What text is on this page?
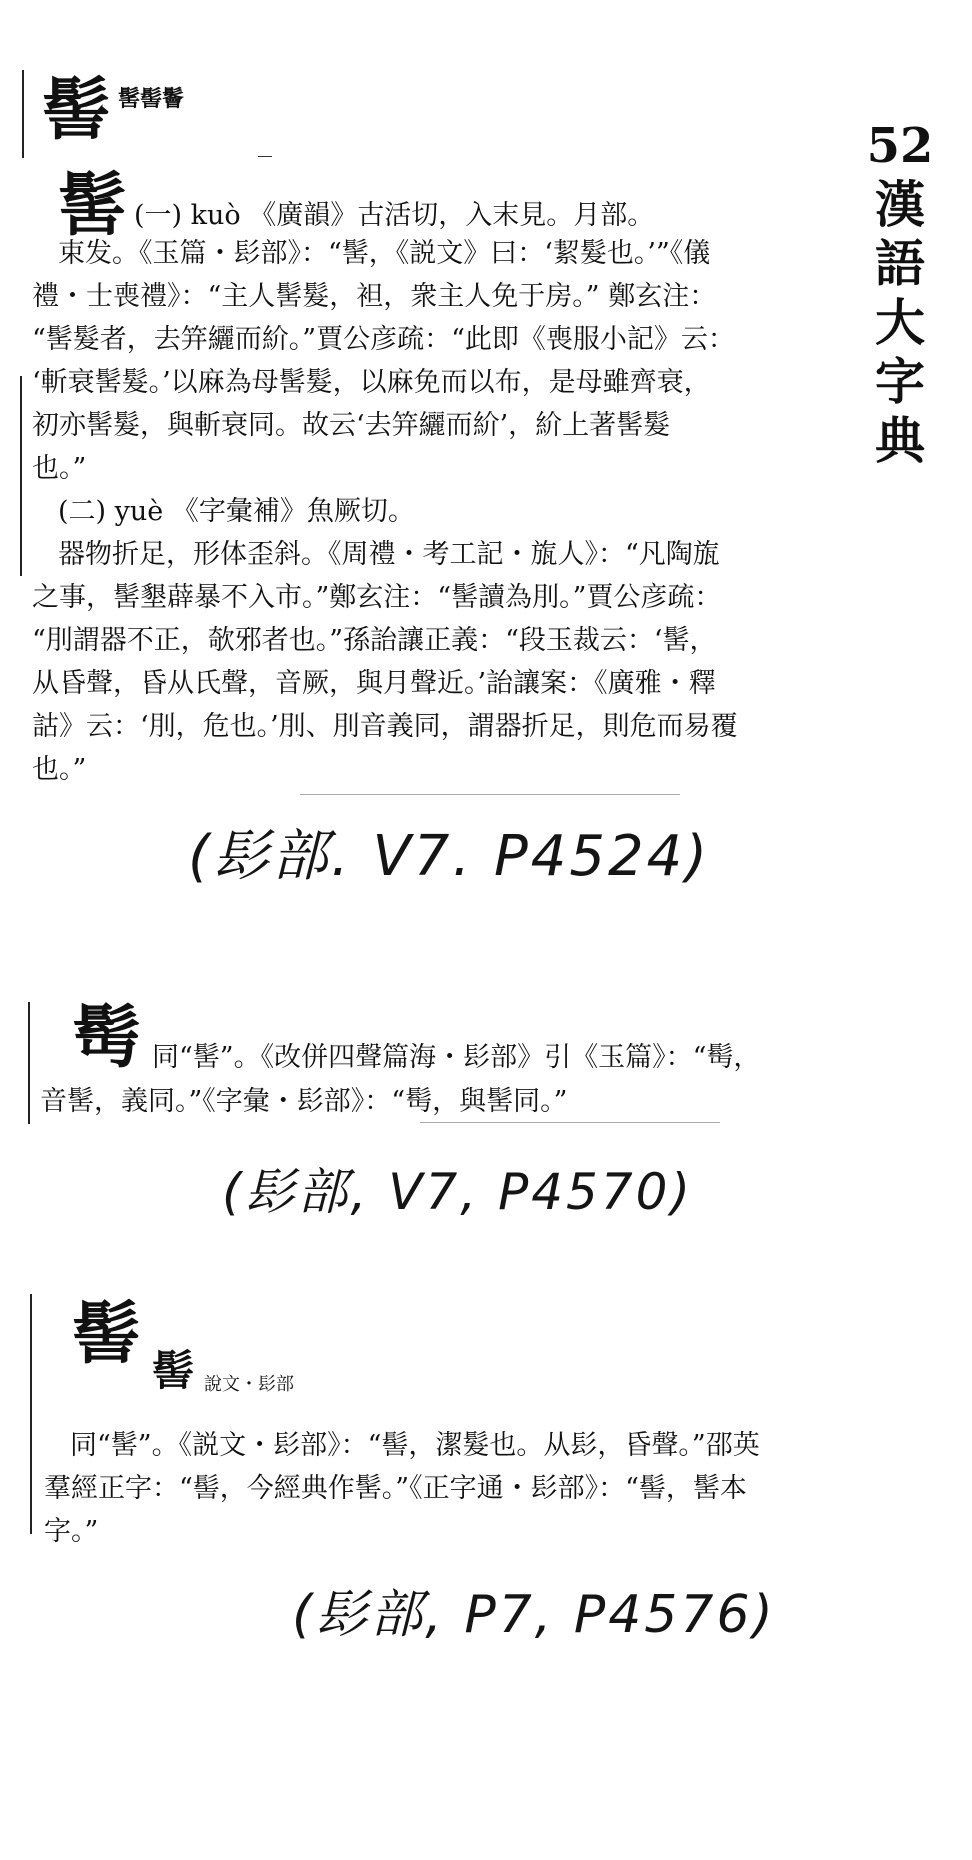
52
漢
語
大
字
典
髻 髺髻鬠
髺 (一) kuò 《廣韻》古活切，入末見。月部。
束发。《玉篇・髟部》：“髺，《説文》曰：‘絜髮也。’”《儀
禮・士喪禮》：“主人髺髮，袒，衆主人免于房。” 鄭玄注：
“髺髮者，去笄纚而紒。”賈公彦疏：“此即《喪服小記》云：
‘斬衰髺髮。’以麻為母髺髮，以麻免而以布，是母雖齊衰，
初亦髺髮，與斬衰同。故云‘去笄纚而紒’，紒上著髺髮
也。”
(二) yuè 《字彙補》魚厥切。
器物折足，形体歪斜。《周禮・考工記・旊人》：“凡陶旊
之事，髺墾薜暴不入市。”鄭玄注：“髺讀為刖。”賈公彦疏：
“刖謂器不正，欹邪者也。”孫詒讓正義：“段玉裁云：‘髺，
从昏聲，昏从氏聲，音厥，與月聲近。’詒讓案：《廣雅・釋
詁》云：‘刖，危也。’刖、刖音義同，謂器折足，則危而易覆
也。”
(髟部. V7. P4524)
髩 同“髺”。《改併四聲篇海・髟部》引《玉篇》：“髩，
音髺，義同。”《字彙・髟部》：“髩，與髺同。”
(髟部, V7, P4570)
髻 髻 說文・髟部
同“髺”。《説文・髟部》：“髻，潔髮也。从髟，昏聲。”邵英
羣經正字：“髻，今經典作髺。”《正字通・髟部》：“髻，髺本
字。”
(髟部, P7, P4576)
